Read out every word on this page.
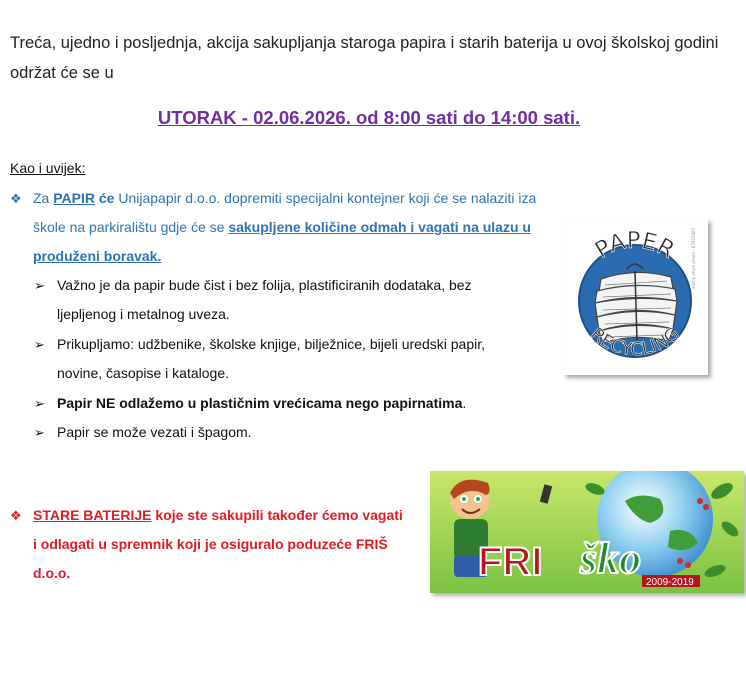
Treća, ujedno i posljednja, akcija sakupljanja staroga papira i starih baterija u ovoj školskoj godini održat će se u
UTORAK - 02.06.2026. od 8:00 sati do 14:00 sati.
Kao i uvijek:
❖ Za PAPIR će Unijapapir d.o.o. dopremiti specijalni kontejner koji će se nalaziti iza škole na parkiralištu gdje će se sakupljene količine odmah i vagati na ulazu u produženi boravak.
➢ Važno je da papir bude čist i bez folija, plastificiranih dodataka, bez ljepljenog i metalnog uveza.
➢ Prikupljamo: udžbenike, školske knjige, bilježnice, bijeli uredski papir, novine, časopise i kataloge.
➢ Papir NE odlažemo u plastičnim vrećicama nego papirnatima.
➢ Papir se može vezati i špagom.
❖ STARE BATERIJE koje ste sakupili također ćemo vagati i odlagati u spremnik koji je osiguralo poduzeće FRIŠ d.o.o.
PAPER
RECYCLING
alamy stock photo · 87925983
FRI ško 2009-2019
